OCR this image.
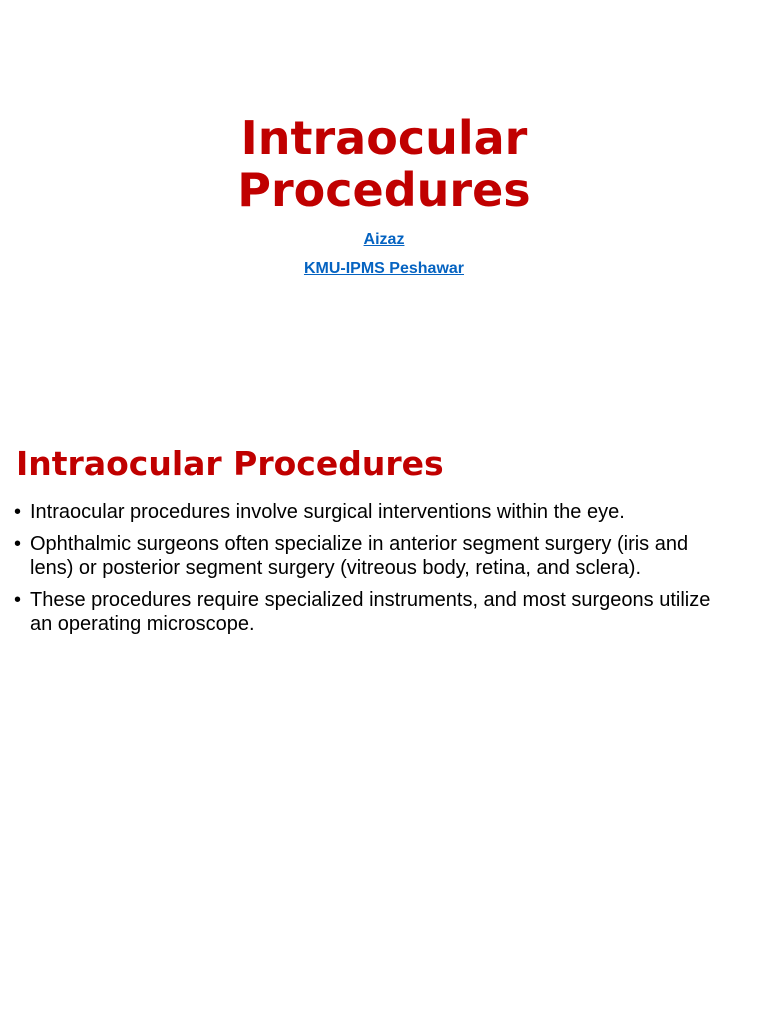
Intraocular
Procedures
Aizaz
KMU-IPMS Peshawar
Intraocular Procedures
• Intraocular procedures involve surgical interventions within the eye.
• Ophthalmic surgeons often specialize in anterior segment surgery (iris and lens) or posterior segment surgery (vitreous body, retina, and sclera).
• These procedures require specialized instruments, and most surgeons utilize an operating microscope.
